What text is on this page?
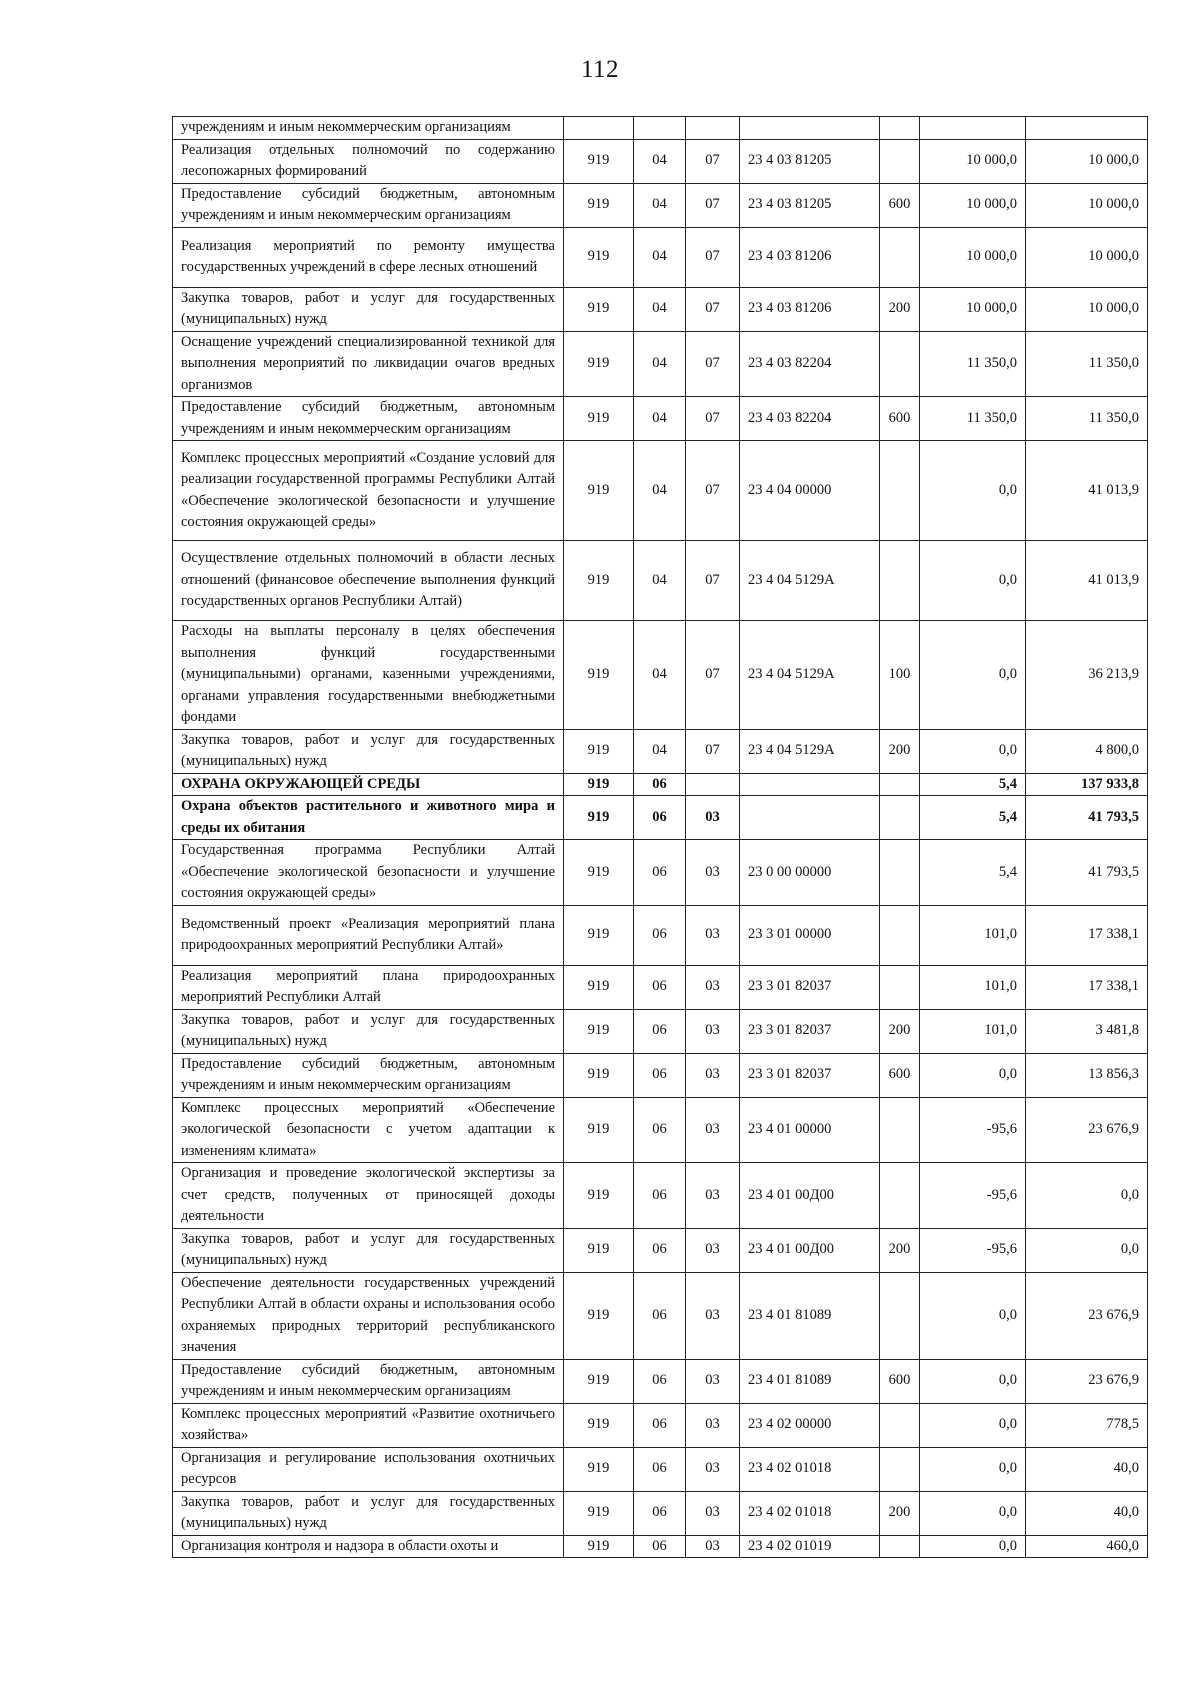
112
учреждениям и иным некоммерческим организациям							
Реализация отдельных полномочий по содержанию лесопожарных формирований	919	04	07	23 4 03 81205		10 000,0	10 000,0
Предоставление субсидий бюджетным, автономным учреждениям и иным некоммерческим организациям	919	04	07	23 4 03 81205	600	10 000,0	10 000,0
Реализация мероприятий по ремонту имущества государственных учреждений в сфере лесных отношений	919	04	07	23 4 03 81206		10 000,0	10 000,0
Закупка товаров, работ и услуг для государственных (муниципальных) нужд	919	04	07	23 4 03 81206	200	10 000,0	10 000,0
Оснащение учреждений специализированной техникой для выполнения мероприятий по ликвидации очагов вредных организмов	919	04	07	23 4 03 82204		11 350,0	11 350,0
Предоставление субсидий бюджетным, автономным учреждениям и иным некоммерческим организациям	919	04	07	23 4 03 82204	600	11 350,0	11 350,0
Комплекс процессных мероприятий «Создание условий для реализации государственной программы Республики Алтай «Обеспечение экологической безопасности и улучшение состояния окружающей среды»	919	04	07	23 4 04 00000		0,0	41 013,9
Осуществление отдельных полномочий в области лесных отношений (финансовое обеспечение выполнения функций государственных органов Республики Алтай)	919	04	07	23 4 04 5129А		0,0	41 013,9
Расходы на выплаты персоналу в целях обеспечения выполнения функций государственными (муниципальными) органами, казенными учреждениями, органами управления государственными внебюджетными фондами	919	04	07	23 4 04 5129А	100	0,0	36 213,9
Закупка товаров, работ и услуг для государственных (муниципальных) нужд	919	04	07	23 4 04 5129А	200	0,0	4 800,0
ОХРАНА ОКРУЖАЮЩЕЙ СРЕДЫ	919	06				5,4	137 933,8
Охрана объектов растительного и животного мира и среды их обитания	919	06	03			5,4	41 793,5
Государственная программа Республики Алтай «Обеспечение экологической безопасности и улучшение состояния окружающей среды»	919	06	03	23 0 00 00000		5,4	41 793,5
Ведомственный проект «Реализация мероприятий плана природоохранных мероприятий Республики Алтай»	919	06	03	23 3 01 00000		101,0	17 338,1
Реализация мероприятий плана природоохранных мероприятий Республики Алтай	919	06	03	23 3 01 82037		101,0	17 338,1
Закупка товаров, работ и услуг для государственных (муниципальных) нужд	919	06	03	23 3 01 82037	200	101,0	3 481,8
Предоставление субсидий бюджетным, автономным учреждениям и иным некоммерческим организациям	919	06	03	23 3 01 82037	600	0,0	13 856,3
Комплекс процессных мероприятий «Обеспечение экологической безопасности с учетом адаптации к изменениям климата»	919	06	03	23 4 01 00000		-95,6	23 676,9
Организация и проведение экологической экспертизы за счет средств, полученных от приносящей доходы деятельности	919	06	03	23 4 01 00Д00		-95,6	0,0
Закупка товаров, работ и услуг для государственных (муниципальных) нужд	919	06	03	23 4 01 00Д00	200	-95,6	0,0
Обеспечение деятельности государственных учреждений Республики Алтай в области охраны и использования особо охраняемых природных территорий республиканского значения	919	06	03	23 4 01 81089		0,0	23 676,9
Предоставление субсидий бюджетным, автономным учреждениям и иным некоммерческим организациям	919	06	03	23 4 01 81089	600	0,0	23 676,9
Комплекс процессных мероприятий «Развитие охотничьего хозяйства»	919	06	03	23 4 02 00000		0,0	778,5
Организация и регулирование использования охотничьих ресурсов	919	06	03	23 4 02 01018		0,0	40,0
Закупка товаров, работ и услуг для государственных (муниципальных) нужд	919	06	03	23 4 02 01018	200	0,0	40,0
Организация контроля и надзора в области охоты и	919	06	03	23 4 02 01019		0,0	460,0
